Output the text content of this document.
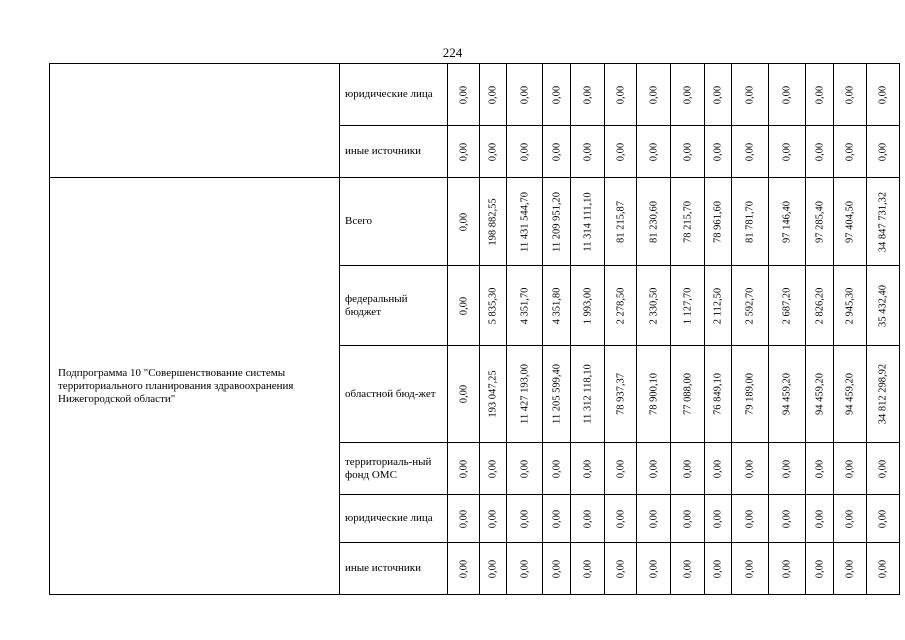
224
	юридические лица	0,00	0,00	0,00	0,00	0,00	0,00	0,00	0,00	0,00	0,00	0,00	0,00	0,00	0,00

	иные источники	0,00	0,00	0,00	0,00	0,00	0,00	0,00	0,00	0,00	0,00	0,00	0,00	0,00	0,00

Подпрограмма 10 "Совершенствование системы территориального планирования здравоохранения Нижегородской области"	Всего	0,00	198 882,55	11 431 544,70	11 209 951,20	11 314 111,10	81 215,87	81 230,60	78 215,70	78 961,60	81 781,70	97 146,40	97 285,40	97 404,50	34 847 731,32

	федеральный бюджет	0,00	5 835,30	4 351,70	4 351,80	1 993,00	2 278,50	2 330,50	1 127,70	2 112,50	2 592,70	2 687,20	2 826,20	2 945,30	35 432,40

	областной бюд-жет	0,00	193 047,25	11 427 193,00	11 205 599,40	11 312 118,10	78 937,37	78 900,10	77 088,00	76 849,10	79 189,00	94 459,20	94 459,20	94 459,20	34 812 298,92

	территориаль-ный фонд ОМС	0,00	0,00	0,00	0,00	0,00	0,00	0,00	0,00	0,00	0,00	0,00	0,00	0,00	0,00

	юридические лица	0,00	0,00	0,00	0,00	0,00	0,00	0,00	0,00	0,00	0,00	0,00	0,00	0,00	0,00

	иные источники	0,00	0,00	0,00	0,00	0,00	0,00	0,00	0,00	0,00	0,00	0,00	0,00	0,00	0,00
